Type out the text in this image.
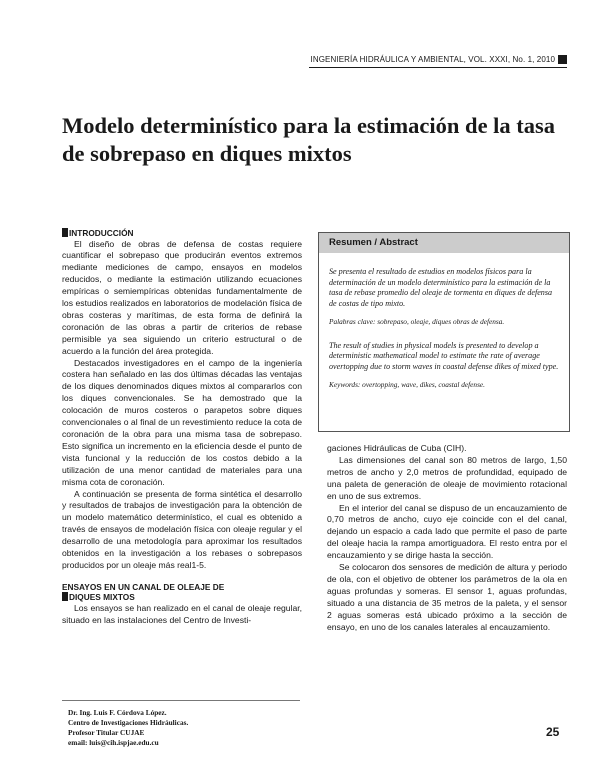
INGENIERÍA HIDRÁULICA Y AMBIENTAL, VOL. XXXI, No. 1, 2010
Modelo determinístico para la estimación de la tasa de sobrepaso en diques mixtos
INTRODUCCIÓN

El diseño de obras de defensa de costas requiere cuantificar el sobrepaso que producirán eventos extremos mediante mediciones de campo, ensayos en modelos reducidos, o mediante la estimación utilizando ecuaciones empíricas o semiempíricas obtenidas fundamentalmente de los estudios realizados en laboratorios de modelación física de obras costeras y marítimas, de esta forma de definirá la coronación de las obras a partir de criterios de rebase permisible ya sea siguiendo un criterio estructural o de acuerdo a la función del área protegida.

Destacados investigadores en el campo de la ingeniería costera han señalado en las dos últimas décadas las ventajas de los diques denominados diques mixtos al compararlos con los diques convencionales. Se ha demostrado que la colocación de muros costeros o parapetos sobre diques convencionales o al final de un revestimiento reduce la cota de coronación de la obra para una misma tasa de sobrepaso. Esto significa un incremento en la eficiencia desde el punto de vista funcional y la reducción de los costos debido a la utilización de una menor cantidad de materiales para una misma cota de coronación.

A continuación se presenta de forma sintética el desarrollo y resultados de trabajos de investigación para la obtención de un modelo matemático determinístico, el cual es obtenido a través de ensayos de modelación física con oleaje regular y el desarrollo de una metodología para aproximar los resultados obtenidos en la investigación a los rebases o sobrepasos producidos por un oleaje más real1-5.

ENSAYOS EN UN CANAL DE OLEAJE DE
DIQUES MIXTOS

Los ensayos se han realizado en el canal de oleaje regular, situado en las instalaciones del Centro de Investi-

Resumen / Abstract

Se presenta el resultado de estudios en modelos físicos para la determinación de un modelo determinístico para la estimación de la tasa de rebase promedio del oleaje de tormenta en diques de defensa de costas de tipo mixto.

Palabras clave: sobrepaso, oleaje, diques obras de defensa.

The result of studies in physical models is presented to develop a deterministic mathematical model to estimate the rate of average overtopping due to storm waves in coastal defense dikes of mixed type.

Keywords: overtopping, wave, dikes, coastal defense.

gaciones Hidráulicas de Cuba (CIH).

Las dimensiones del canal son 80 metros de largo, 1,50 metros de ancho y 2,0 metros de profundidad, equipado de una paleta de generación de oleaje de movimiento rotacional en uno de sus extremos.

En el interior del canal se dispuso de un encauzamiento de 0,70 metros de ancho, cuyo eje coincide con el del canal, dejando un espacio a cada lado que permite el paso de parte del oleaje hacia la rampa amortiguadora. El resto entra por el encauzamiento y se dirige hasta la sección.

Se colocaron dos sensores de medición de altura y periodo de ola, con el objetivo de obtener los parámetros de la ola en aguas profundas y someras. El sensor 1, aguas profundas, situado a una distancia de 35 metros de la paleta, y el sensor 2 aguas someras está ubicado próximo a la sección de ensayo, en uno de los canales laterales al encauzamiento.

Dr. Ing. Luis F. Córdova López.
Centro de Investigaciones Hidráulicas.
Profesor Titular CUJAE
email: luis@cih.ispjae.edu.cu
25
